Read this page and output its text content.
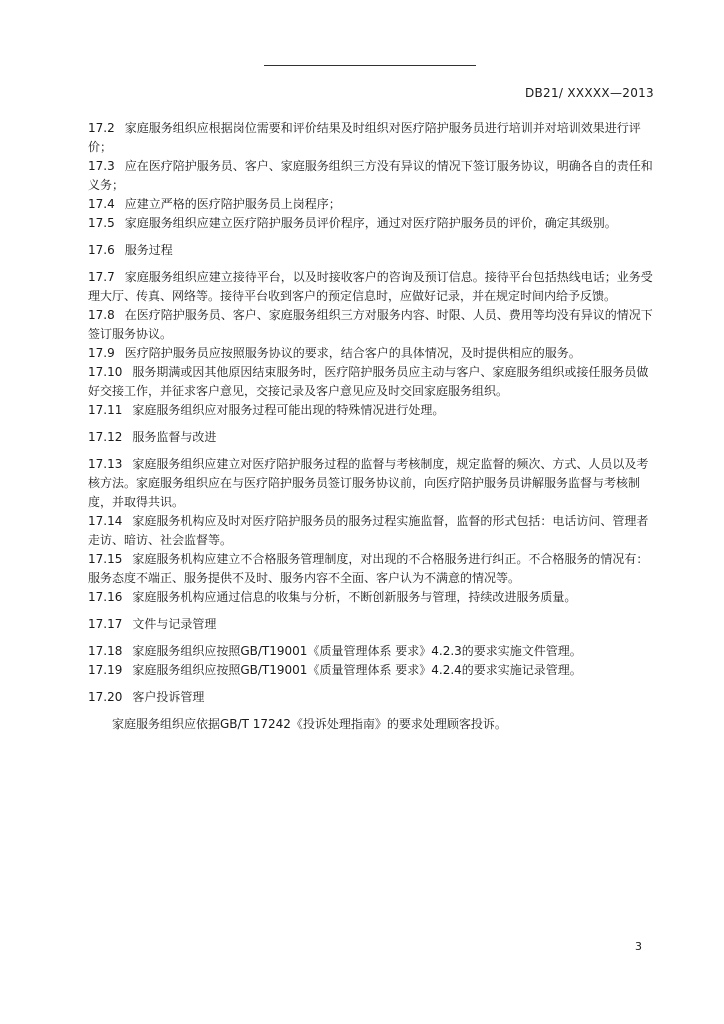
DB21/ XXXXX—2013
17.2 家庭服务组织应根据岗位需要和评价结果及时组织对医疗陪护服务员进行培训并对培训效果进行评价；
17.3 应在医疗陪护服务员、客户、家庭服务组织三方没有异议的情况下签订服务协议，明确各自的责任和义务；
17.4 应建立严格的医疗陪护服务员上岗程序；
17.5 家庭服务组织应建立医疗陪护服务员评价程序，通过对医疗陪护服务员的评价，确定其级别。
17.6 服务过程
17.7 家庭服务组织应建立接待平台，以及时接收客户的咨询及预订信息。接待平台包括热线电话；业务受理大厅、传真、网络等。接待平台收到客户的预定信息时，应做好记录，并在规定时间内给予反馈。
17.8 在医疗陪护服务员、客户、家庭服务组织三方对服务内容、时限、人员、费用等均没有异议的情况下签订服务协议。
17.9 医疗陪护服务员应按照服务协议的要求，结合客户的具体情况，及时提供相应的服务。
17.10 服务期满或因其他原因结束服务时，医疗陪护服务员应主动与客户、家庭服务组织或接任服务员做好交接工作，并征求客户意见，交接记录及客户意见应及时交回家庭服务组织。
17.11 家庭服务组织应对服务过程可能出现的特殊情况进行处理。
17.12 服务监督与改进
17.13 家庭服务组织应建立对医疗陪护服务过程的监督与考核制度，规定监督的频次、方式、人员以及考核方法。家庭服务组织应在与医疗陪护服务员签订服务协议前，向医疗陪护服务员讲解服务监督与考核制度，并取得共识。
17.14 家庭服务机构应及时对医疗陪护服务员的服务过程实施监督，监督的形式包括：电话访问、管理者走访、暗访、社会监督等。
17.15 家庭服务机构应建立不合格服务管理制度，对出现的不合格服务进行纠正。不合格服务的情况有：服务态度不端正、服务提供不及时、服务内容不全面、客户认为不满意的情况等。
17.16 家庭服务机构应通过信息的收集与分析，不断创新服务与管理，持续改进服务质量。
17.17 文件与记录管理
17.18 家庭服务组织应按照GB/T19001《质量管理体系 要求》4.2.3的要求实施文件管理。
17.19 家庭服务组织应按照GB/T19001《质量管理体系 要求》4.2.4的要求实施记录管理。
17.20 客户投诉管理
家庭服务组织应依据GB/T 17242《投诉处理指南》的要求处理顾客投诉。
3
